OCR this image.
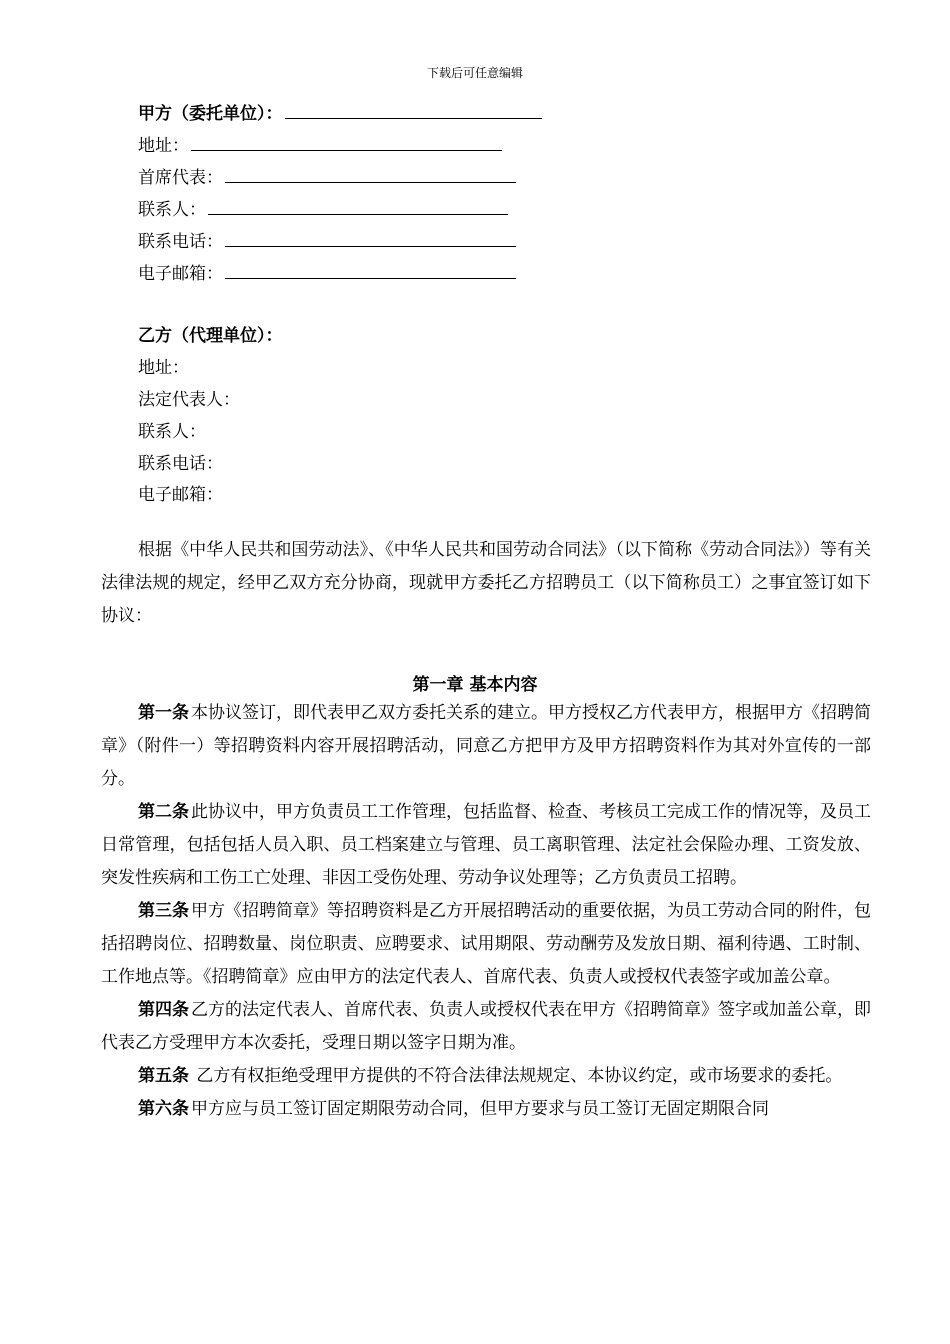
下载后可任意编辑
甲方（委托单位）：
地址：
首席代表：
联系人：
联系电话：
电子邮箱：
乙方（代理单位）：
地址：
法定代表人：
联系人：
联系电话：
电子邮箱：

根据《中华人民共和国劳动法》、《中华人民共和国劳动合同法》（以下简称《劳动合同法》）等有关法律法规的规定，经甲乙双方充分协商，现就甲方委托乙方招聘员工（以下简称员工）之事宜签订如下协议：

第一章 基本内容

第一条 本协议签订，即代表甲乙双方委托关系的建立。甲方授权乙方代表甲方，根据甲方《招聘简章》（附件一）等招聘资料内容开展招聘活动，同意乙方把甲方及甲方招聘资料作为其对外宣传的一部分。

第二条 此协议中，甲方负责员工工作管理，包括监督、检查、考核员工完成工作的情况等，及员工日常管理，包括包括人员入职、员工档案建立与管理、员工离职管理、法定社会保险办理、工资发放、突发性疾病和工伤工亡处理、非因工受伤处理、劳动争议处理等；乙方负责员工招聘。

第三条 甲方《招聘简章》等招聘资料是乙方开展招聘活动的重要依据，为员工劳动合同的附件，包括招聘岗位、招聘数量、岗位职责、应聘要求、试用期限、劳动酬劳及发放日期、福利待遇、工时制、工作地点等。《招聘简章》应由甲方的法定代表人、首席代表、负责人或授权代表签字或加盖公章。

第四条 乙方的法定代表人、首席代表、负责人或授权代表在甲方《招聘简章》签字或加盖公章，即代表乙方受理甲方本次委托，受理日期以签字日期为准。

第五条 乙方有权拒绝受理甲方提供的不符合法律法规规定、本协议约定，或市场要求的委托。

第六条 甲方应与员工签订固定期限劳动合同，但甲方要求与员工签订无固定期限合同
